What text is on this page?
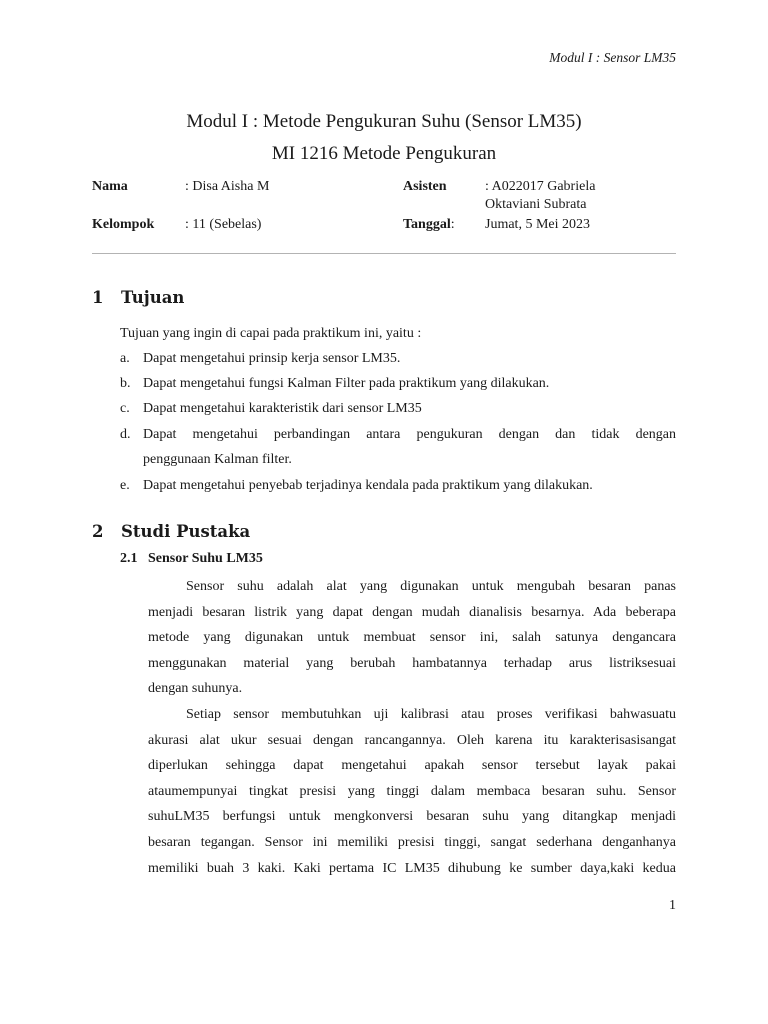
Modul I : Sensor LM35
Modul I : Metode Pengukuran Suhu (Sensor LM35)
MI 1216 Metode Pengukuran
Nama	: Disa Aisha M
Kelompok : 11 (Sebelas)
Asisten	: A022017 Gabriela
Oktaviani Subrata
Tanggal: Jumat, 5 Mei 2023
1 Tujuan
Tujuan yang ingin di capai pada praktikum ini, yaitu :
a. Dapat mengetahui prinsip kerja sensor LM35.
b. Dapat mengetahui fungsi Kalman Filter pada praktikum yang dilakukan.
c. Dapat mengetahui karakteristik dari sensor LM35
d. Dapat mengetahui perbandingan antara pengukuran dengan dan tidak dengan
penggunaan Kalman filter.
e. Dapat mengetahui penyebab terjadinya kendala pada praktikum yang dilakukan.
2 Studi Pustaka
2.1 Sensor Suhu LM35
Sensor suhu adalah alat yang digunakan untuk mengubah besaran panas
menjadi besaran listrik yang dapat dengan mudah dianalisis besarnya. Ada beberapa
metode yang digunakan untuk membuat sensor ini, salah satunya dengancara
menggunakan material yang berubah hambatannya terhadap arus listriksesuai
dengan suhunya.
Setiap sensor membutuhkan uji kalibrasi atau proses verifikasi bahwasuatu
akurasi alat ukur sesuai dengan rancangannya. Oleh karena itu karakterisasisangat
diperlukan sehingga dapat mengetahui apakah sensor tersebut layak pakai
ataumempunyai tingkat presisi yang tinggi dalam membaca besaran suhu. Sensor
suhuLM35 berfungsi untuk mengkonversi besaran suhu yang ditangkap menjadi
besaran tegangan. Sensor ini memiliki presisi tinggi, sangat sederhana denganhanya
memiliki buah 3 kaki. Kaki pertama IC LM35 dihubung ke sumber daya,kaki kedua
1
